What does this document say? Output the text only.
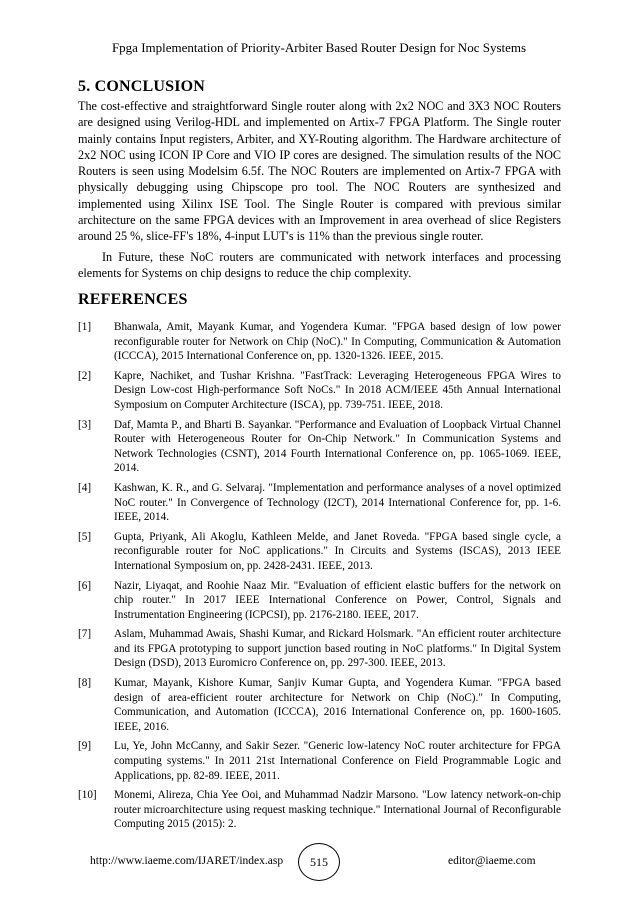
Fpga Implementation of Priority-Arbiter Based Router Design for Noc Systems
5. CONCLUSION
The cost-effective and straightforward Single router along with 2x2 NOC and 3X3 NOC Routers are designed using Verilog-HDL and implemented on Artix-7 FPGA Platform. The Single router mainly contains Input registers, Arbiter, and XY-Routing algorithm. The Hardware architecture of 2x2 NOC using ICON IP Core and VIO IP cores are designed. The simulation results of the NOC Routers is seen using Modelsim 6.5f. The NOC Routers are implemented on Artix-7 FPGA with physically debugging using Chipscope pro tool. The NOC Routers are synthesized and implemented using Xilinx ISE Tool. The Single Router is compared with previous similar architecture on the same FPGA devices with an Improvement in area overhead of slice Registers around 25 %, slice-FF's 18%, 4-input LUT's is 11% than the previous single router.
In Future, these NoC routers are communicated with network interfaces and processing elements for Systems on chip designs to reduce the chip complexity.
REFERENCES
[1]	Bhanwala, Amit, Mayank Kumar, and Yogendera Kumar. "FPGA based design of low power reconfigurable router for Network on Chip (NoC)." In Computing, Communication & Automation (ICCCA), 2015 International Conference on, pp. 1320-1326. IEEE, 2015.
[2]	Kapre, Nachiket, and Tushar Krishna. "FastTrack: Leveraging Heterogeneous FPGA Wires to Design Low-cost High-performance Soft NoCs." In 2018 ACM/IEEE 45th Annual International Symposium on Computer Architecture (ISCA), pp. 739-751. IEEE, 2018.
[3]	Daf, Mamta P., and Bharti B. Sayankar. "Performance and Evaluation of Loopback Virtual Channel Router with Heterogeneous Router for On-Chip Network." In Communication Systems and Network Technologies (CSNT), 2014 Fourth International Conference on, pp. 1065-1069. IEEE, 2014.
[4]	Kashwan, K. R., and G. Selvaraj. "Implementation and performance analyses of a novel optimized NoC router." In Convergence of Technology (I2CT), 2014 International Conference for, pp. 1-6. IEEE, 2014.
[5]	Gupta, Priyank, Ali Akoglu, Kathleen Melde, and Janet Roveda. "FPGA based single cycle, a reconfigurable router for NoC applications." In Circuits and Systems (ISCAS), 2013 IEEE International Symposium on, pp. 2428-2431. IEEE, 2013.
[6]	Nazir, Liyaqat, and Roohie Naaz Mir. "Evaluation of efficient elastic buffers for the network on chip router." In 2017 IEEE International Conference on Power, Control, Signals and Instrumentation Engineering (ICPCSI), pp. 2176-2180. IEEE, 2017.
[7]	Aslam, Muhammad Awais, Shashi Kumar, and Rickard Holsmark. "An efficient router architecture and its FPGA prototyping to support junction based routing in NoC platforms." In Digital System Design (DSD), 2013 Euromicro Conference on, pp. 297-300. IEEE, 2013.
[8]	Kumar, Mayank, Kishore Kumar, Sanjiv Kumar Gupta, and Yogendera Kumar. "FPGA based design of area-efficient router architecture for Network on Chip (NoC)." In Computing, Communication, and Automation (ICCCA), 2016 International Conference on, pp. 1600-1605. IEEE, 2016.
[9]	Lu, Ye, John McCanny, and Sakir Sezer. "Generic low-latency NoC router architecture for FPGA computing systems." In 2011 21st International Conference on Field Programmable Logic and Applications, pp. 82-89. IEEE, 2011.
[10]	Monemi, Alireza, Chia Yee Ooi, and Muhammad Nadzir Marsono. "Low latency network-on-chip router microarchitecture using request masking technique." International Journal of Reconfigurable Computing 2015 (2015): 2.
http://www.iaeme.com/IJARET/index.asp	515	editor@iaeme.com
